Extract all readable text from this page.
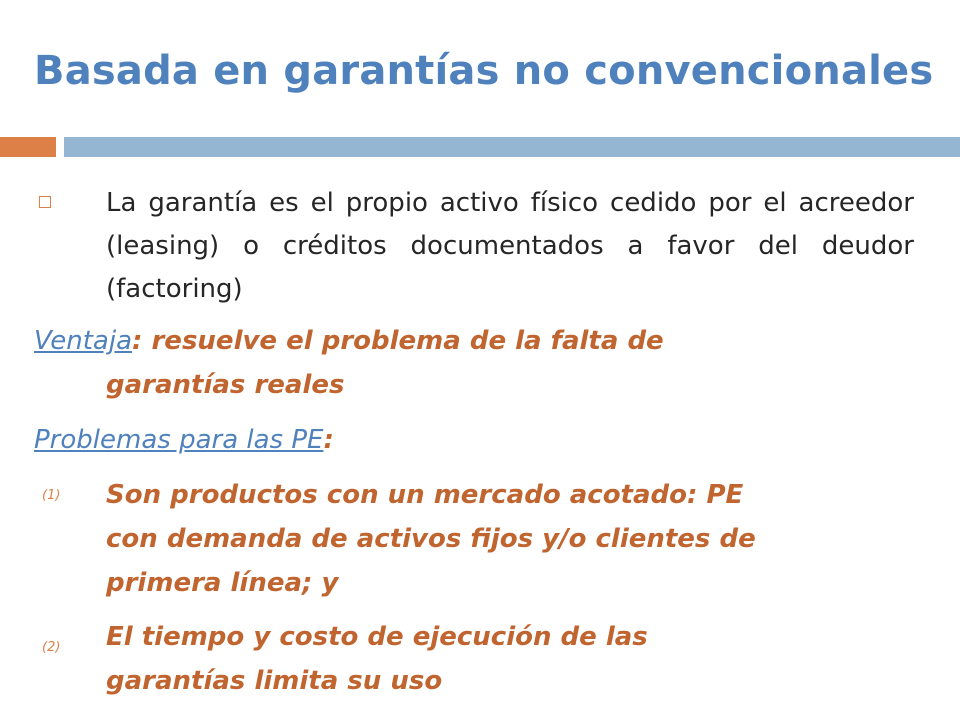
Basada en garantías no convencionales

La garantía es el propio activo físico cedido por el acreedor (leasing) o créditos documentados a favor del deudor (factoring)

Ventaja: resuelve el problema de la falta de

garantías reales

Problemas para las PE:

(1) Son productos con un mercado acotado: PE

con demanda de activos fijos y/o clientes de

primera línea; y

(2) El tiempo y costo de ejecución de las

garantías limita su uso
